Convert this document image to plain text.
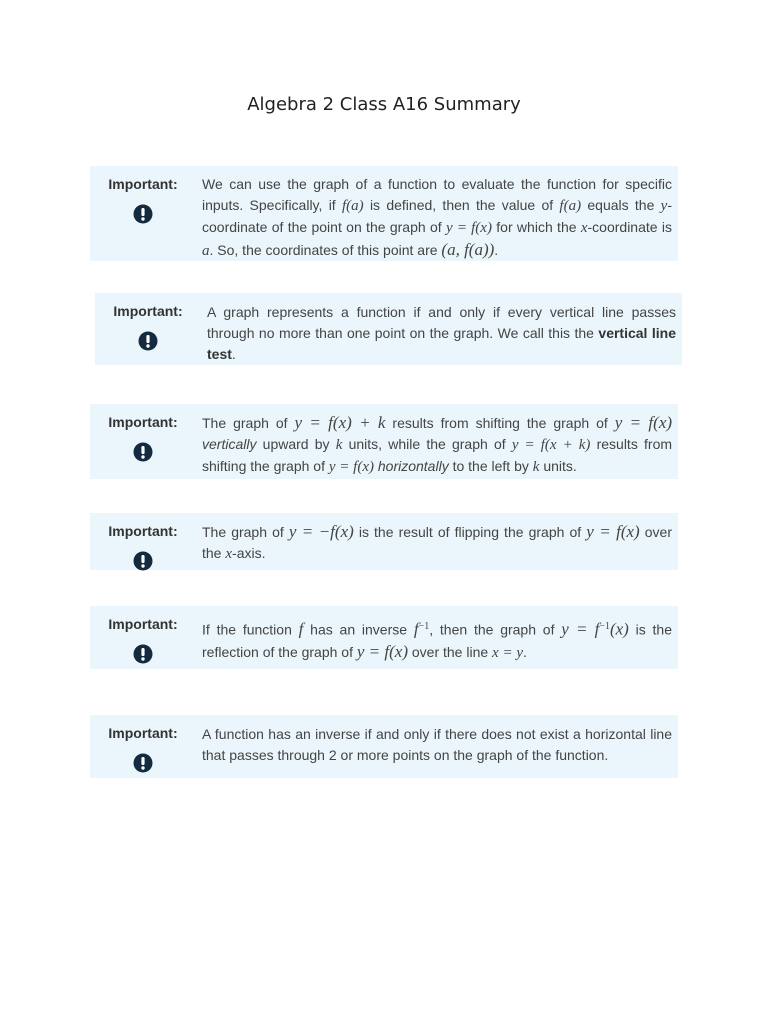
Algebra 2 Class A16 Summary
Important:	We can use the graph of a function to evaluate the function for specific inputs. Specifically, if f(a) is defined, then the value of f(a) equals the y-coordinate of the point on the graph of y = f(x) for which the x-coordinate is a. So, the coordinates of this point are (a, f(a)).
Important:	A graph represents a function if and only if every vertical line passes through no more than one point on the graph. We call this the vertical line test.
Important:	The graph of y = f(x) + k results from shifting the graph of y = f(x) vertically upward by k units, while the graph of y = f(x + k) results from shifting the graph of y = f(x) horizontally to the left by k units.
Important:	The graph of y = −f(x) is the result of flipping the graph of y = f(x) over the x-axis.
Important:	If the function f has an inverse $f^{-1}$, then the graph of $y = f^{-1}(x)$ is the reflection of the graph of y = f(x) over the line x = y.
Important:	A function has an inverse if and only if there does not exist a horizontal line that passes through 2 or more points on the graph of the function.
